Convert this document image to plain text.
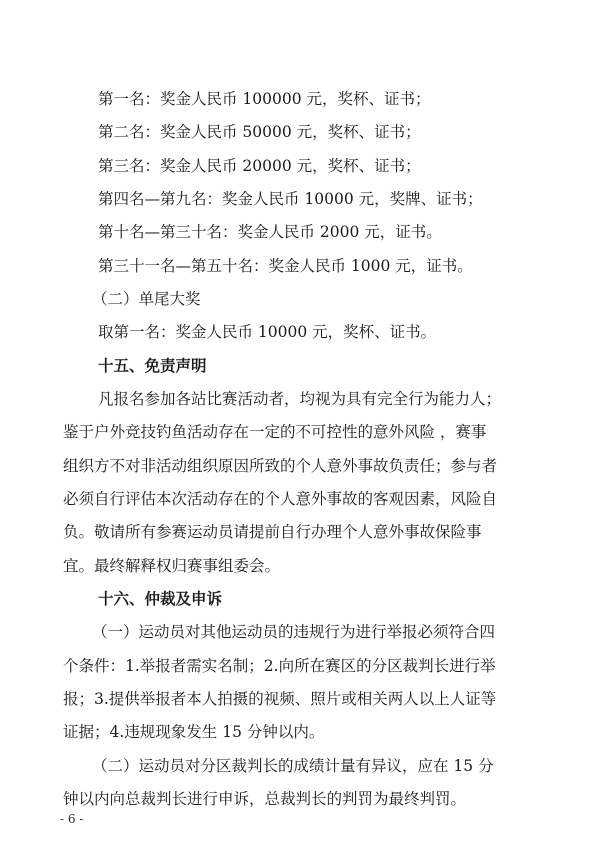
第一名：奖金人民币 100000 元，奖杯、证书；
第二名：奖金人民币 50000 元，奖杯、证书；
第三名：奖金人民币 20000 元，奖杯、证书；
第四名—第九名：奖金人民币 10000 元，奖牌、证书；
第十名—第三十名：奖金人民币 2000 元，证书。
第三十一名—第五十名：奖金人民币 1000 元，证书。
（二）单尾大奖
取第一名：奖金人民币 10000 元，奖杯、证书。
十五、免责声明
凡报名参加各站比赛活动者，均视为具有完全行为能力人；
鉴于户外竞技钓鱼活动存在一定的不可控性的意外风险 ，赛事
组织方不对非活动组织原因所致的个人意外事故负责任；参与者
必须自行评估本次活动存在的个人意外事故的客观因素，风险自
负。敬请所有参赛运动员请提前自行办理个人意外事故保险事
宜。最终解释权归赛事组委会。
十六、仲裁及申诉
（一）运动员对其他运动员的违规行为进行举报必须符合四
个条件：1.举报者需实名制；2.向所在赛区的分区裁判长进行举
报；3.提供举报者本人拍摄的视频、照片或相关两人以上人证等
证据；4.违规现象发生 15 分钟以内。
（二）运动员对分区裁判长的成绩计量有异议，应在 15 分
钟以内向总裁判长进行申诉，总裁判长的判罚为最终判罚。
- 6 -
